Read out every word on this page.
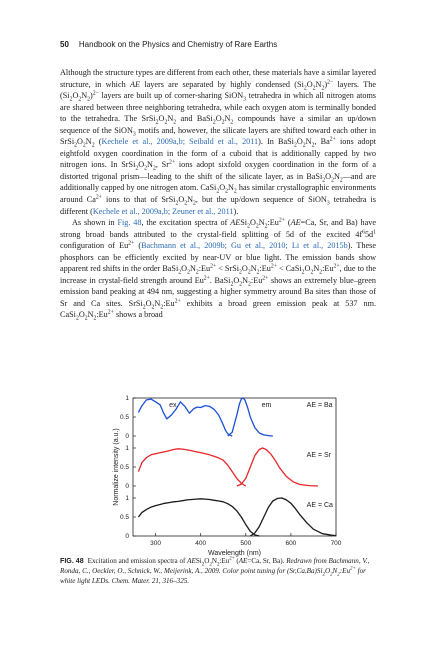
50 Handbook on the Physics and Chemistry of Rare Earths

Although the structure types are different from each other, these materials have a similar layered structure, in which AE layers are separated by highly condensed $(Si_2O_2N_2)^{2-}$ layers. The $(Si_2O_2N_2)^{2-}$ layers are built up of corner-sharing SiON$_3$ tetrahedra in which all nitrogen atoms are shared between three neighboring tetrahedra, while each oxygen atom is terminally bonded to the tetrahedra. The $SrSi_2O_2N_2$ and $BaSi_2O_2N_2$ compounds have a similar an up/down sequence of the SiON$_3$ motifs and, however, the silicate layers are shifted toward each other in $SrSi_2O_2N_2$ (Kechele et al., 2009a,b; Seibald et al., 2011). In $BaSi_2O_2N_2$, $Ba^{2+}$ ions adopt eightfold oxygen coordination in the form of a cuboid that is additionally capped by two nitrogen ions. In $SrSi_2O_2N_2$, $Sr^{2+}$ ions adopt sixfold oxygen coordination in the form of a distorted trigonal prism—leading to the shift of the silicate layer, as in $BaSi_2O_2N_2—and$ are additionally capped by one nitrogen atom. $CaSi_2O_2N_2$ has similar crystallographic environments around $Ca^{2+}$ ions to that of $SrSi_2O_2N_2$, but the up/down sequence of SiON$_3$ tetrahedra is different (Kechele et al., 2009a,b; Zeuner et al., 2011).

As shown in Fig. 48, the excitation spectra of $AESi_2O_2N_2:Eu^{2+}$ (AE=Ca, Sr, and Ba) have strong broad bands attributed to the crystal-field splitting of 5d of the excited $4f^65d^1$ configuration of $Eu^{2+}$ (Bachmann et al., 2009b; Gu et al., 2010; Li et al., 2015b). These phosphors can be efficiently excited by near-UV or blue light. The emission bands show apparent red shifts in the order $BaSi_2O_2N_2:Eu^{2+}$ < $SrSi_2O_2N_2:Eu^{2+}$ < $CaSi_2O_2N_2:Eu^{2+}$, due to the increase in crystal-field strength around $Eu^{2+}$. $BaSi_2O_2N_2:Eu^{2+}$ shows an extremely blue–green emission band peaking at 494 nm, suggesting a higher symmetry around Ba sites than those of Sr and Ca sites. $SrSi_2O_2N_2:Eu^{2+}$ exhibits a broad green emission peak at 537 nm. $CaSi_2O_2N_2:Eu^{2+}$ shows a broad

0
0.5
1
AE = Ba
0
0.5
1
AE = Sr
0
0.5
1
AE = Ca
ex.	em
300	400	500	600	700
Wavelength (nm)
Normalize intensity (a.u.)
FIG. 48 Excitation and emission spectra of $AESi_2O_2N_2:Eu^{2+}$ (AE=Ca, Sr, Ba). Redrawn from Bachmann, V., Ronda, C., Oeckler, O., Schnick, W., Meijerink, A., 2009. Color point tuning for $(Sr,Ca,Ba)Si_2O_2N_2:Eu^{2+}$ for white light LEDs. Chem. Mater. 21, 316–325.
